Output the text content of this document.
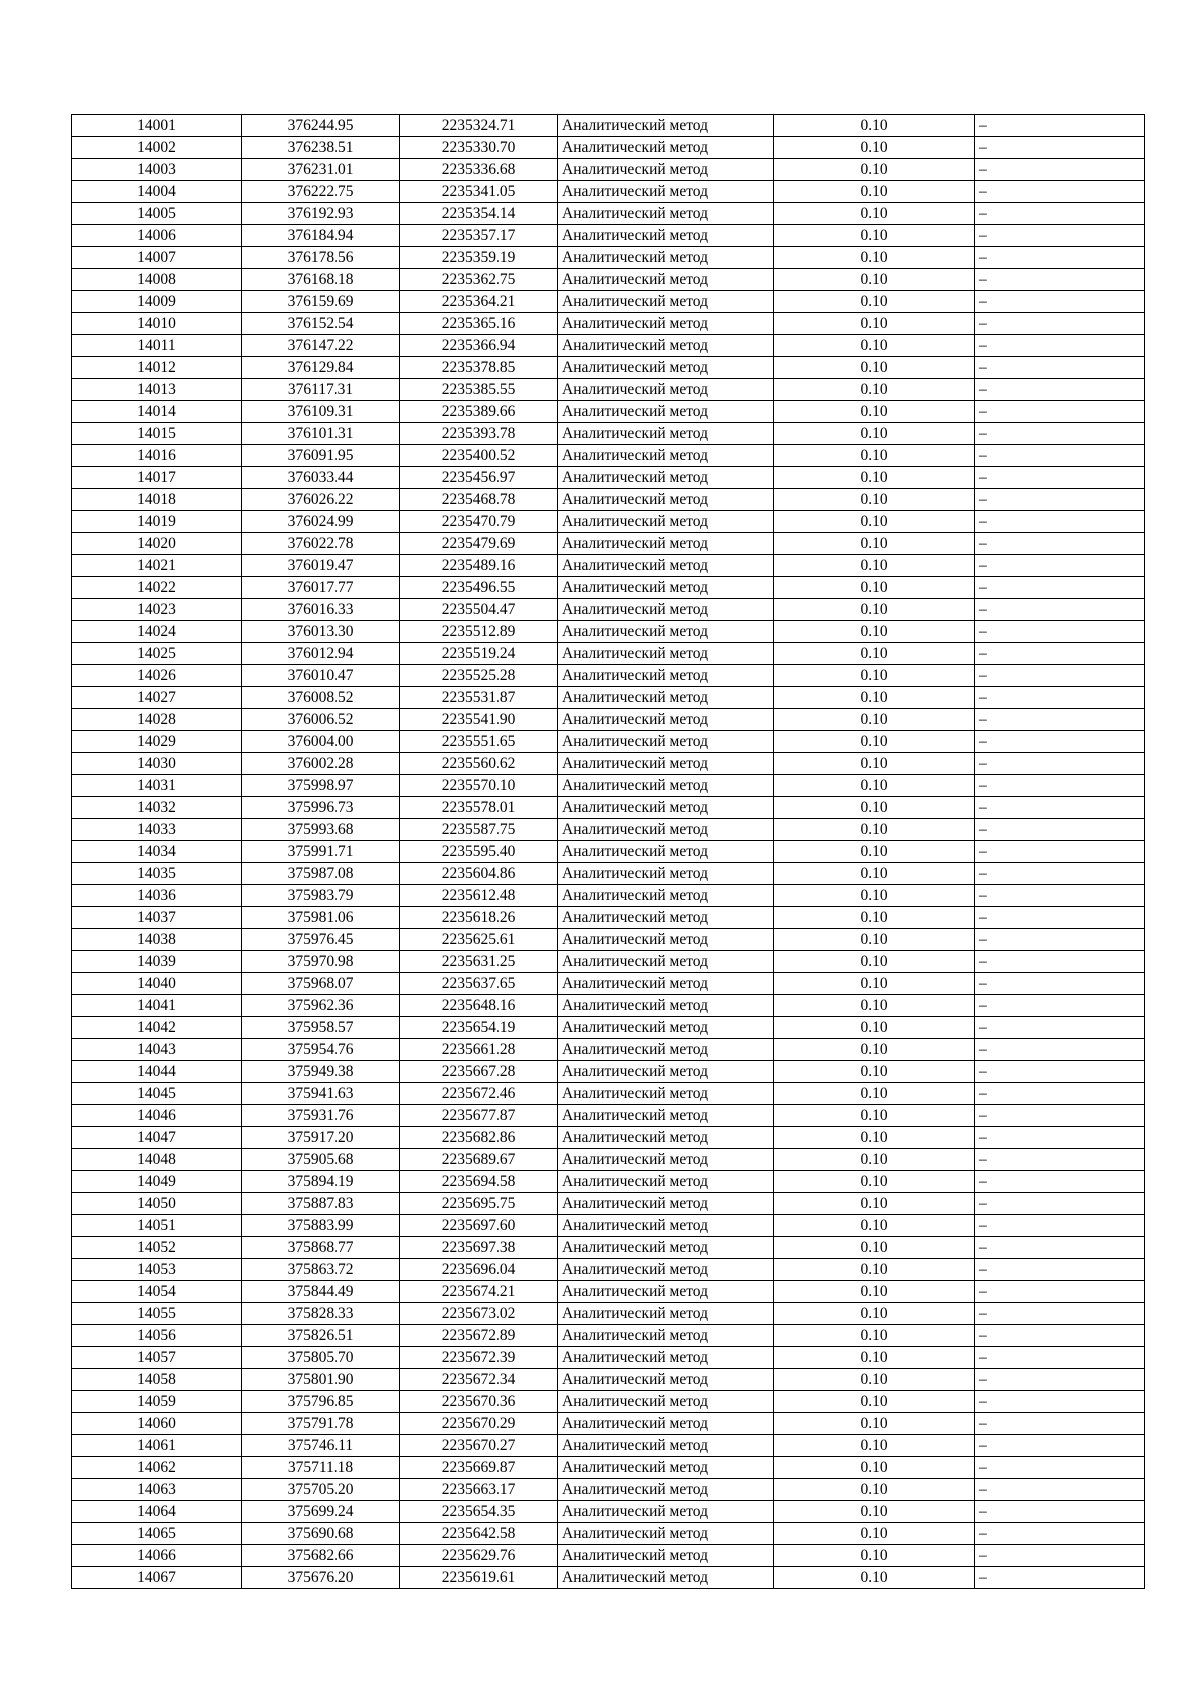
14001	376244.95	2235324.71	Аналитический метод	0.10	–
14002	376238.51	2235330.70	Аналитический метод	0.10	–
14003	376231.01	2235336.68	Аналитический метод	0.10	–
14004	376222.75	2235341.05	Аналитический метод	0.10	–
14005	376192.93	2235354.14	Аналитический метод	0.10	–
14006	376184.94	2235357.17	Аналитический метод	0.10	–
14007	376178.56	2235359.19	Аналитический метод	0.10	–
14008	376168.18	2235362.75	Аналитический метод	0.10	–
14009	376159.69	2235364.21	Аналитический метод	0.10	–
14010	376152.54	2235365.16	Аналитический метод	0.10	–
14011	376147.22	2235366.94	Аналитический метод	0.10	–
14012	376129.84	2235378.85	Аналитический метод	0.10	–
14013	376117.31	2235385.55	Аналитический метод	0.10	–
14014	376109.31	2235389.66	Аналитический метод	0.10	–
14015	376101.31	2235393.78	Аналитический метод	0.10	–
14016	376091.95	2235400.52	Аналитический метод	0.10	–
14017	376033.44	2235456.97	Аналитический метод	0.10	–
14018	376026.22	2235468.78	Аналитический метод	0.10	–
14019	376024.99	2235470.79	Аналитический метод	0.10	–
14020	376022.78	2235479.69	Аналитический метод	0.10	–
14021	376019.47	2235489.16	Аналитический метод	0.10	–
14022	376017.77	2235496.55	Аналитический метод	0.10	–
14023	376016.33	2235504.47	Аналитический метод	0.10	–
14024	376013.30	2235512.89	Аналитический метод	0.10	–
14025	376012.94	2235519.24	Аналитический метод	0.10	–
14026	376010.47	2235525.28	Аналитический метод	0.10	–
14027	376008.52	2235531.87	Аналитический метод	0.10	–
14028	376006.52	2235541.90	Аналитический метод	0.10	–
14029	376004.00	2235551.65	Аналитический метод	0.10	–
14030	376002.28	2235560.62	Аналитический метод	0.10	–
14031	375998.97	2235570.10	Аналитический метод	0.10	–
14032	375996.73	2235578.01	Аналитический метод	0.10	–
14033	375993.68	2235587.75	Аналитический метод	0.10	–
14034	375991.71	2235595.40	Аналитический метод	0.10	–
14035	375987.08	2235604.86	Аналитический метод	0.10	–
14036	375983.79	2235612.48	Аналитический метод	0.10	–
14037	375981.06	2235618.26	Аналитический метод	0.10	–
14038	375976.45	2235625.61	Аналитический метод	0.10	–
14039	375970.98	2235631.25	Аналитический метод	0.10	–
14040	375968.07	2235637.65	Аналитический метод	0.10	–
14041	375962.36	2235648.16	Аналитический метод	0.10	–
14042	375958.57	2235654.19	Аналитический метод	0.10	–
14043	375954.76	2235661.28	Аналитический метод	0.10	–
14044	375949.38	2235667.28	Аналитический метод	0.10	–
14045	375941.63	2235672.46	Аналитический метод	0.10	–
14046	375931.76	2235677.87	Аналитический метод	0.10	–
14047	375917.20	2235682.86	Аналитический метод	0.10	–
14048	375905.68	2235689.67	Аналитический метод	0.10	–
14049	375894.19	2235694.58	Аналитический метод	0.10	–
14050	375887.83	2235695.75	Аналитический метод	0.10	–
14051	375883.99	2235697.60	Аналитический метод	0.10	–
14052	375868.77	2235697.38	Аналитический метод	0.10	–
14053	375863.72	2235696.04	Аналитический метод	0.10	–
14054	375844.49	2235674.21	Аналитический метод	0.10	–
14055	375828.33	2235673.02	Аналитический метод	0.10	–
14056	375826.51	2235672.89	Аналитический метод	0.10	–
14057	375805.70	2235672.39	Аналитический метод	0.10	–
14058	375801.90	2235672.34	Аналитический метод	0.10	–
14059	375796.85	2235670.36	Аналитический метод	0.10	–
14060	375791.78	2235670.29	Аналитический метод	0.10	–
14061	375746.11	2235670.27	Аналитический метод	0.10	–
14062	375711.18	2235669.87	Аналитический метод	0.10	–
14063	375705.20	2235663.17	Аналитический метод	0.10	–
14064	375699.24	2235654.35	Аналитический метод	0.10	–
14065	375690.68	2235642.58	Аналитический метод	0.10	–
14066	375682.66	2235629.76	Аналитический метод	0.10	–
14067	375676.20	2235619.61	Аналитический метод	0.10	–
